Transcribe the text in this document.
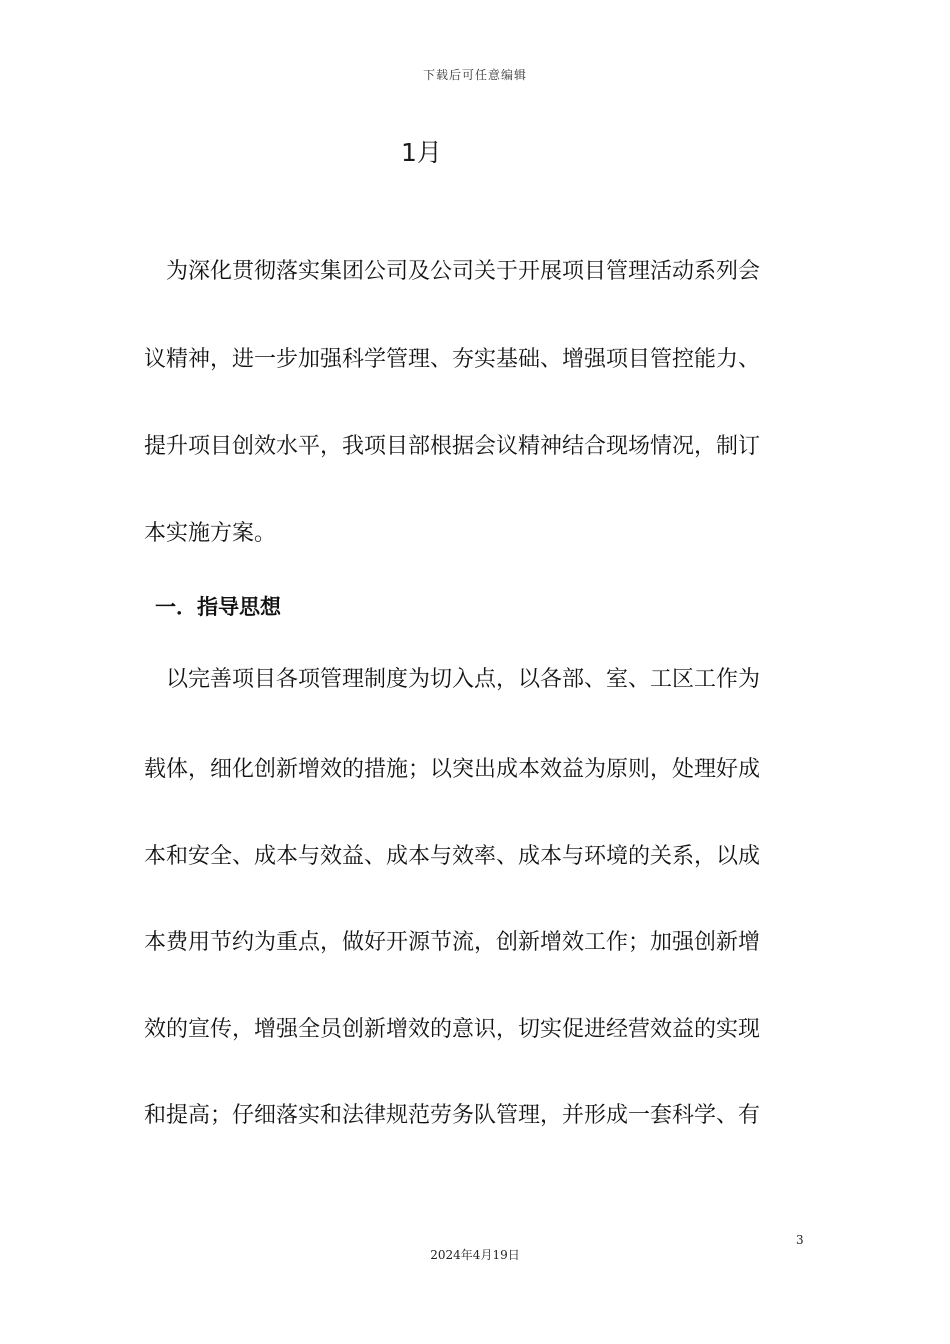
下载后可任意编辑
1月
　为深化贯彻落实集团公司及公司关于开展项目管理活动系列会
议精神，进一步加强科学管理、夯实基础、增强项目管控能力、
提升项目创效水平，我项目部根据会议精神结合现场情况，制订
本实施方案。
一．指导思想
　以完善项目各项管理制度为切入点，以各部、室、工区工作为
载体，细化创新增效的措施；以突出成本效益为原则，处理好成
本和安全、成本与效益、成本与效率、成本与环境的关系，以成
本费用节约为重点，做好开源节流，创新增效工作；加强创新增
效的宣传，增强全员创新增效的意识，切实促进经营效益的实现
和提高；仔细落实和法律规范劳务队管理，并形成一套科学、有
3
2024年4月19日
